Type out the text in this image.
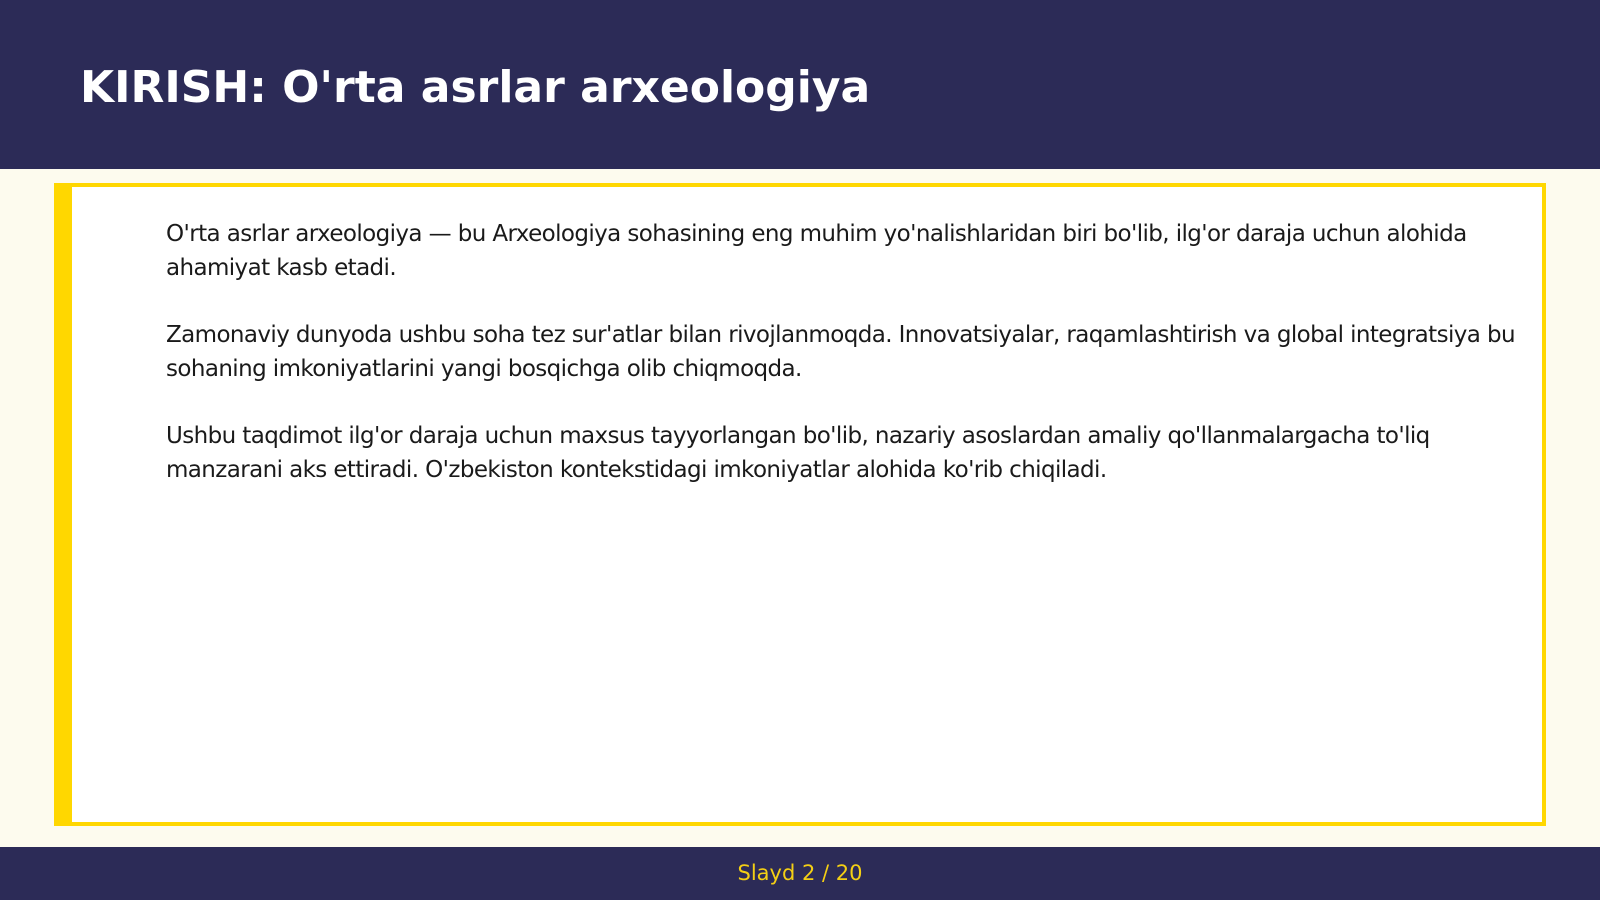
KIRISH: O'rta asrlar arxeologiya

O'rta asrlar arxeologiya — bu Arxeologiya sohasining eng muhim yo'nalishlaridan biri bo'lib, ilg'or daraja uchun alohida ahamiyat kasb etadi.

Zamonaviy dunyoda ushbu soha tez sur'atlar bilan rivojlanmoqda. Innovatsiyalar, raqamlashtirish va global integratsiya bu sohaning imkoniyatlarini yangi bosqichga olib chiqmoqda.

Ushbu taqdimot ilg'or daraja uchun maxsus tayyorlangan bo'lib, nazariy asoslardan amaliy qo'llanmalargacha to'liq manzarani aks ettiradi. O'zbekiston kontekstidagi imkoniyatlar alohida ko'rib chiqiladi.

Slayd 2 / 20
